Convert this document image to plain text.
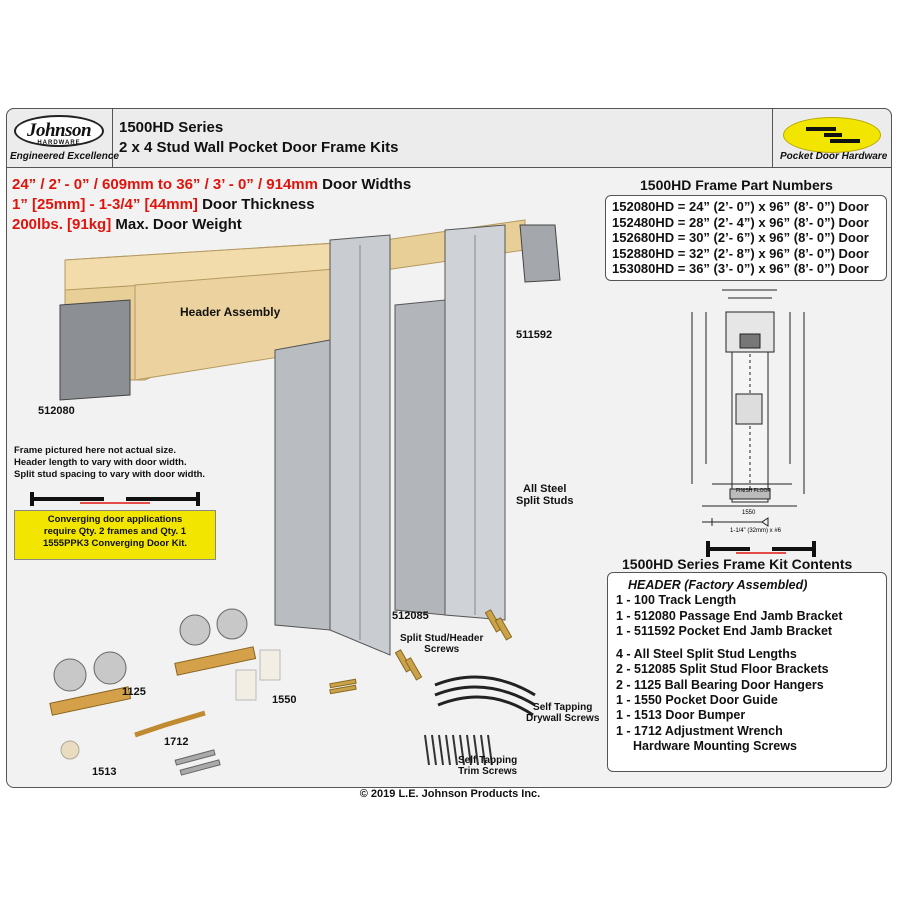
Johnson
HARDWARE
Engineered Excellence
1500HD Series
2 x 4 Stud Wall Pocket Door Frame Kits
Pocket Door Hardware
24” / 2’ - 0” / 609mm to 36” / 3’ - 0” / 914mm Door Widths
1” [25mm] - 1-3/4” [44mm] Door Thickness
200lbs. [91kg] Max. Door Weight
1500HD Frame Part Numbers
152080HD = 24” (2’- 0”) x 96” (8’- 0”) Door
152480HD = 28” (2’- 4”) x 96” (8’- 0”) Door
152680HD = 30” (2’- 6”) x 96” (8’- 0”) Door
152880HD = 32” (2’- 8”) x 96” (8’- 0”) Door
153080HD = 36” (3’- 0”) x 96” (8’- 0”) Door
FINISH FLOOR
1550
1-1/4” (32mm) x #6
1500HD Series Frame Kit Contents
HEADER (Factory Assembled)
1 - 100 Track Length
1 - 512080 Passage End Jamb Bracket
1 - 511592 Pocket End Jamb Bracket
4 - All Steel Split Stud Lengths
2 - 512085 Split Stud Floor Brackets
2 - 1125 Ball Bearing Door Hangers
1 - 1550 Pocket Door Guide
1 - 1513 Door Bumper
1 - 1712 Adjustment Wrench
Hardware Mounting Screws
Header Assembly
512080
511592
All Steel
Split Studs
512085
Frame pictured here not actual size.
Header length to vary with door width.
Split stud spacing to vary with door width.
Converging door applications
require Qty. 2 frames and Qty. 1
1555PPK3 Converging Door Kit.
1125
1550
1712
1513
Split Stud/Header
Screws
Self Tapping
Drywall Screws
Self Tapping
Trim Screws
© 2019 L.E. Johnson Products Inc.
